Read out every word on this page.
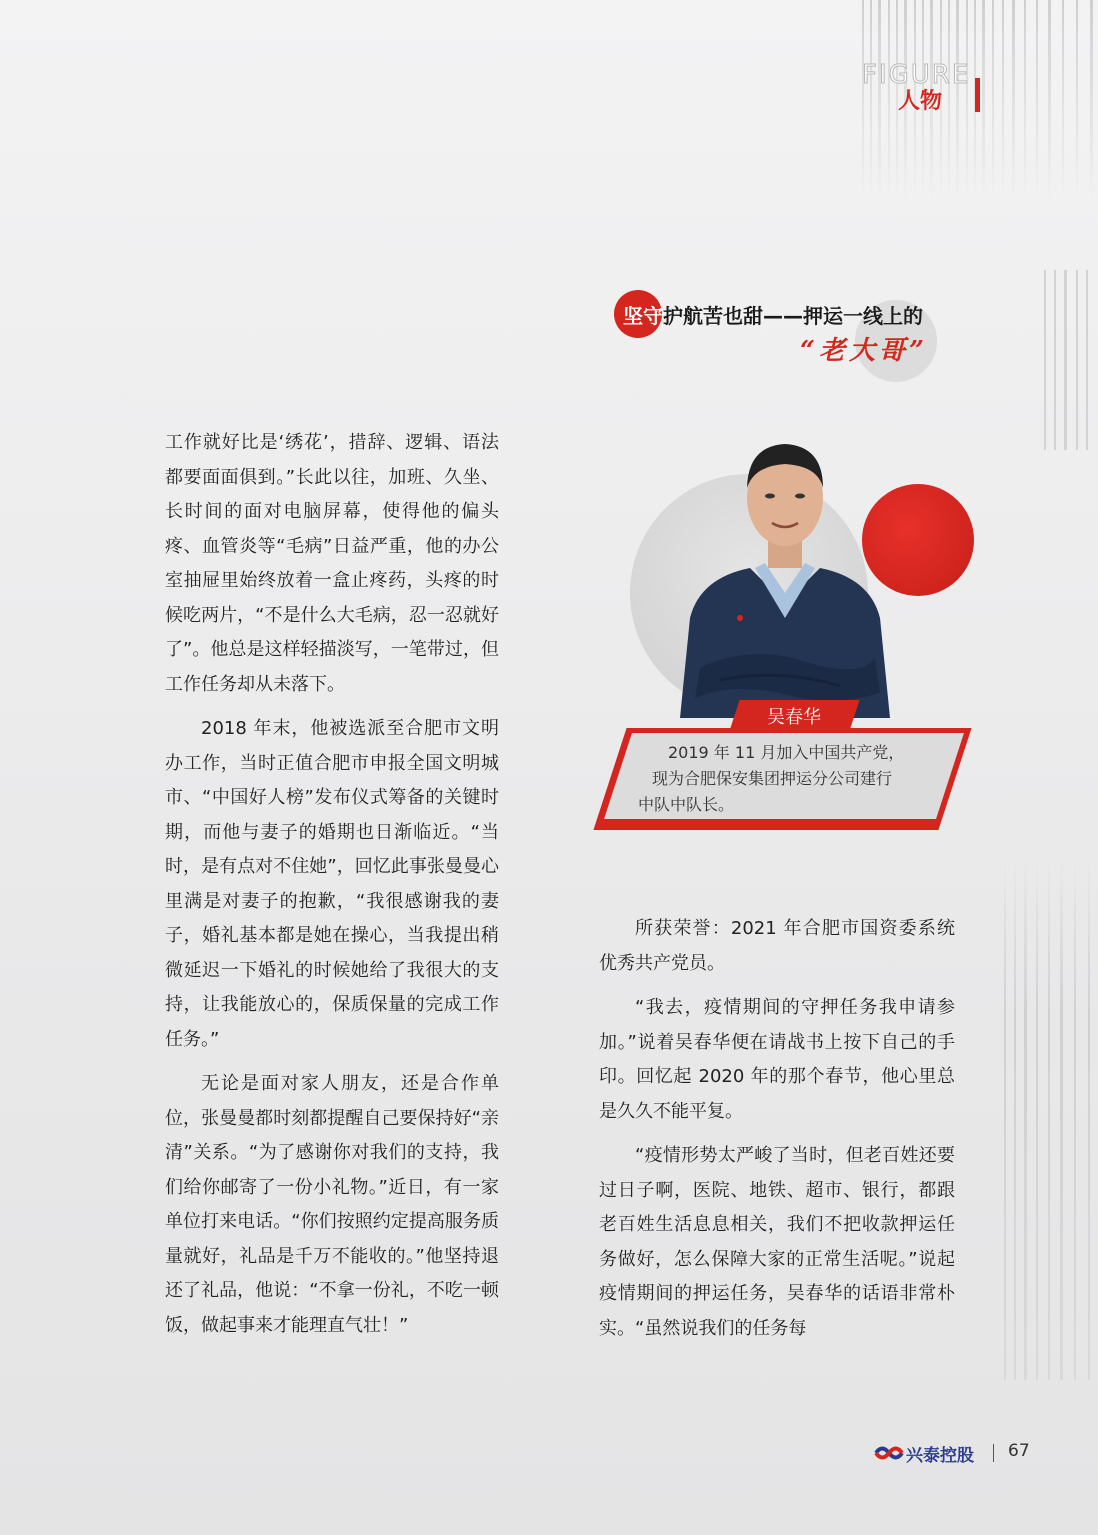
FIGURE
人物
坚守 护航苦也甜——押运一线上的
“老大哥”

工作就好比是‘绣花’，措辞、逻辑、语法都要面面俱到。”长此以往，加班、久坐、长时间的面对电脑屏幕，使得他的偏头疼、血管炎等“毛病”日益严重，他的办公室抽屉里始终放着一盒止疼药，头疼的时候吃两片，“不是什么大毛病，忍一忍就好了”。他总是这样轻描淡写，一笔带过，但工作任务却从未落下。

2018 年末，他被选派至合肥市文明办工作，当时正值合肥市申报全国文明城市、“中国好人榜”发布仪式筹备的关键时期，而他与妻子的婚期也日渐临近。“当时，是有点对不住她”，回忆此事张曼曼心里满是对妻子的抱歉，“我很感谢我的妻子，婚礼基本都是她在操心，当我提出稍微延迟一下婚礼的时候她给了我很大的支持，让我能放心的，保质保量的完成工作任务。”

无论是面对家人朋友，还是合作单位，张曼曼都时刻都提醒自己要保持好“亲清”关系。“为了感谢你对我们的支持，我们给你邮寄了一份小礼物。”近日，有一家单位打来电话。“你们按照约定提高服务质量就好，礼品是千万不能收的。”他坚持退还了礼品，他说：“不拿一份礼，不吃一顿饭，做起事来才能理直气壮！”

吴春华
2019 年 11 月加入中国共产党，
现为合肥保安集团押运分公司建行
中队中队长。

所获荣誉：2021 年合肥市国资委系统优秀共产党员。

“我去，疫情期间的守押任务我申请参加。”说着吴春华便在请战书上按下自己的手印。回忆起 2020 年的那个春节，他心里总是久久不能平复。

“疫情形势太严峻了当时，但老百姓还要过日子啊，医院、地铁、超市、银行，都跟老百姓生活息息相关，我们不把收款押运任务做好，怎么保障大家的正常生活呢。”说起疫情期间的押运任务，吴春华的话语非常朴实。“虽然说我们的任务每

兴泰控股 67
